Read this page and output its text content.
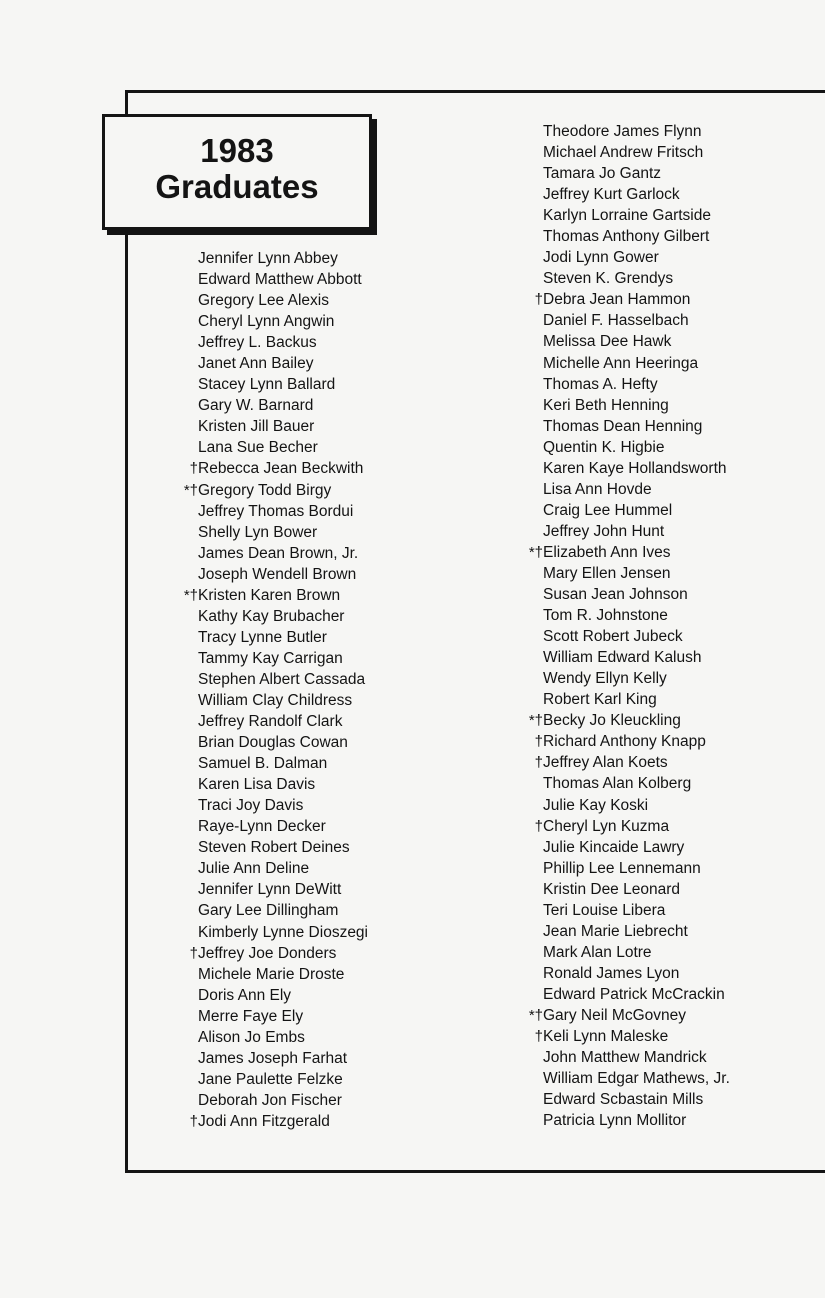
1983
Graduates
Jennifer Lynn Abbey
Edward Matthew Abbott
Gregory Lee Alexis
Cheryl Lynn Angwin
Jeffrey L. Backus
Janet Ann Bailey
Stacey Lynn Ballard
Gary W. Barnard
Kristen Jill Bauer
Lana Sue Becher
† Rebecca Jean Beckwith
*† Gregory Todd Birgy
Jeffrey Thomas Bordui
Shelly Lyn Bower
James Dean Brown, Jr.
Joseph Wendell Brown
*† Kristen Karen Brown
Kathy Kay Brubacher
Tracy Lynne Butler
Tammy Kay Carrigan
Stephen Albert Cassada
William Clay Childress
Jeffrey Randolf Clark
Brian Douglas Cowan
Samuel B. Dalman
Karen Lisa Davis
Traci Joy Davis
Raye-Lynn Decker
Steven Robert Deines
Julie Ann Deline
Jennifer Lynn DeWitt
Gary Lee Dillingham
Kimberly Lynne Dioszegi
† Jeffrey Joe Donders
Michele Marie Droste
Doris Ann Ely
Merre Faye Ely
Alison Jo Embs
James Joseph Farhat
Jane Paulette Felzke
Deborah Jon Fischer
† Jodi Ann Fitzgerald
Theodore James Flynn
Michael Andrew Fritsch
Tamara Jo Gantz
Jeffrey Kurt Garlock
Karlyn Lorraine Gartside
Thomas Anthony Gilbert
Jodi Lynn Gower
Steven K. Grendys
† Debra Jean Hammon
Daniel F. Hasselbach
Melissa Dee Hawk
Michelle Ann Heeringa
Thomas A. Hefty
Keri Beth Henning
Thomas Dean Henning
Quentin K. Higbie
Karen Kaye Hollandsworth
Lisa Ann Hovde
Craig Lee Hummel
Jeffrey John Hunt
*† Elizabeth Ann Ives
Mary Ellen Jensen
Susan Jean Johnson
Tom R. Johnstone
Scott Robert Jubeck
William Edward Kalush
Wendy Ellyn Kelly
Robert Karl King
*† Becky Jo Kleuckling
† Richard Anthony Knapp
† Jeffrey Alan Koets
Thomas Alan Kolberg
Julie Kay Koski
† Cheryl Lyn Kuzma
Julie Kincaide Lawry
Phillip Lee Lennemann
Kristin Dee Leonard
Teri Louise Libera
Jean Marie Liebrecht
Mark Alan Lotre
Ronald James Lyon
Edward Patrick McCrackin
*† Gary Neil McGovney
† Keli Lynn Maleske
John Matthew Mandrick
William Edgar Mathews, Jr.
Edward Scbastain Mills
Patricia Lynn Mollitor
